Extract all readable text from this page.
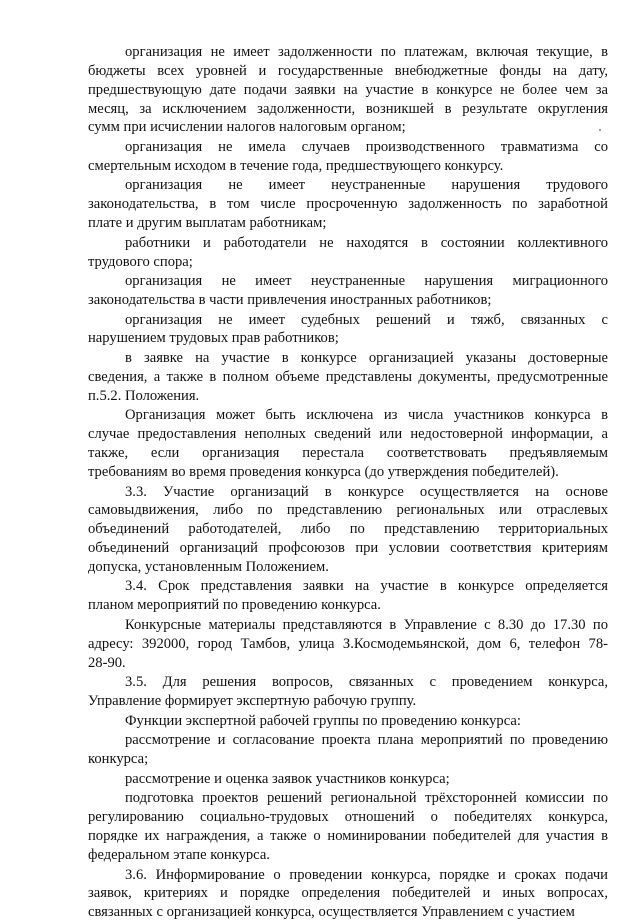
организация не имеет задолженности по платежам, включая текущие, в
бюджеты всех уровней и государственные внебюджетные фонды на дату,
предшествующую дате подачи заявки на участие в конкурсе не более чем за
месяц, за исключением задолженности, возникшей в результате округления
сумм при исчислении налогов налоговым органом;
организация не имела случаев производственного травматизма со
смертельным исходом в течение года, предшествующего конкурсу.
организация не имеет неустраненные нарушения трудового
законодательства, в том числе просроченную задолженность по заработной
плате и другим выплатам работникам;
работники и работодатели не находятся в состоянии коллективного
трудового спора;
организация не имеет неустраненные нарушения миграционного
законодательства в части привлечения иностранных работников;
организация не имеет судебных решений и тяжб, связанных с
нарушением трудовых прав работников;
в заявке на участие в конкурсе организацией указаны достоверные
сведения, а также в полном объеме представлены документы, предусмотренные
п.5.2. Положения.
Организация может быть исключена из числа участников конкурса в
случае предоставления неполных сведений или недостоверной информации, а
также, если организация перестала соответствовать предъявляемым
требованиям во время проведения конкурса (до утверждения победителей).
3.3. Участие организаций в конкурсе осуществляется на основе
самовыдвижения, либо по представлению региональных или отраслевых
объединений работодателей, либо по представлению территориальных
объединений организаций профсоюзов при условии соответствия критериям
допуска, установленным Положением.
3.4. Срок представления заявки на участие в конкурсе определяется
планом мероприятий по проведению конкурса.
Конкурсные материалы представляются в Управление с 8.30 до 17.30 по
адресу: 392000, город Тамбов, улица З.Космодемьянской, дом 6, телефон 78-
28-90.
3.5. Для решения вопросов, связанных с проведением конкурса,
Управление формирует экспертную рабочую группу.
Функции экспертной рабочей группы по проведению конкурса:
рассмотрение и согласование проекта плана мероприятий по проведению
конкурса;
рассмотрение и оценка заявок участников конкурса;
подготовка проектов решений региональной трёхсторонней комиссии по
регулированию социально-трудовых отношений о победителях конкурса,
порядке их награждения, а также о номинировании победителей для участия в
федеральном этапе конкурса.
3.6. Информирование о проведении конкурса, порядке и сроках подачи
заявок, критериях и порядке определения победителей и иных вопросах,
связанных с организацией конкурса, осуществляется Управлением с участием
